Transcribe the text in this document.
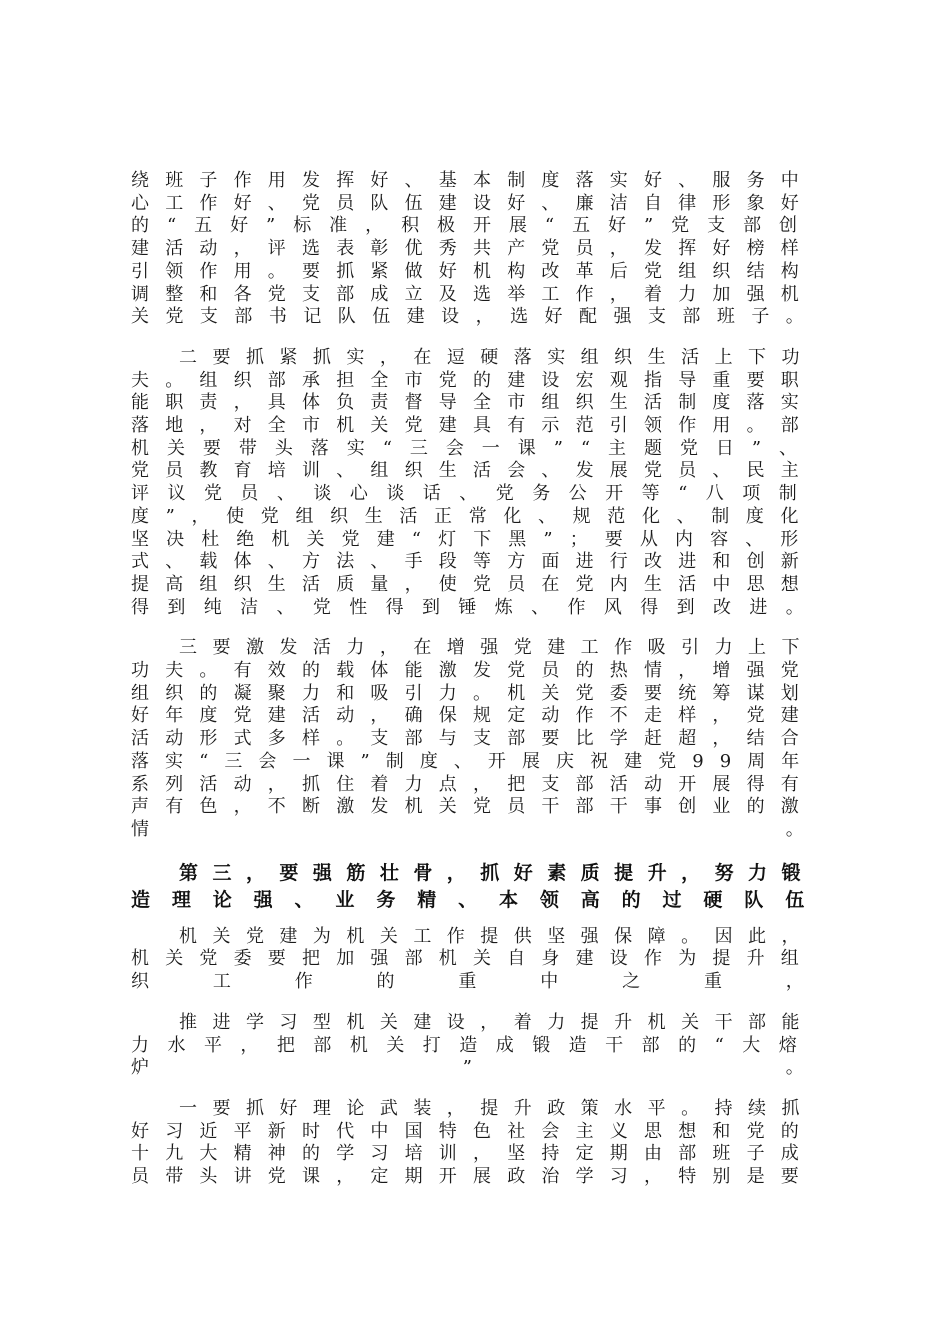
绕班子作用发挥好、基本制度落实好、服务中
心工作好、党员队伍建设好、廉洁自律形象好
的“五好”标准，积极开展“五好”党支部创
建活动，评选表彰优秀共产党员，发挥好榜样
引领作用。要抓紧做好机构改革后党组织结构
调整和各党支部成立及选举工作，着力加强机
关党支部书记队伍建设，选好配强支部班子。

二要抓紧抓实，在逗硬落实组织生活上下功
夫。组织部承担全市党的建设宏观指导重要职
能职责，具体负责督导全市组织生活制度落实
落地，对全市机关党建具有示范引领作用。部
机关要带头落实“三会一课”“主题党日”、
党员教育培训、组织生活会、发展党员、民主
评议党员、谈心谈话、党务公开等“八项制
度”，使党组织生活正常化、规范化、制度化
坚决杜绝机关党建“灯下黑”；要从内容、形
式、载体、方法、手段等方面进行改进和创新
提高组织生活质量，使党员在党内生活中思想
得到纯洁、党性得到锤炼、作风得到改进。

三要激发活力，在增强党建工作吸引力上下
功夫。有效的载体能激发党员的热情，增强党
组织的凝聚力和吸引力。机关党委要统筹谋划
好年度党建活动，确保规定动作不走样，党建
活动形式多样。支部与支部要比学赶超，结合
落实“三会一课”制度、开展庆祝建党99周年
系列活动，抓住着力点，把支部活动开展得有
声有色，不断激发机关党员干部干事创业的激
情。

第三，要强筋壮骨，抓好素质提升，努力锻
造理论强、业务精、本领高的过硬队伍

机关党建为机关工作提供坚强保障。因此，
机关党委要把加强部机关自身建设作为提升组
织工作的重中之重，

推进学习型机关建设，着力提升机关干部能
力水平，把部机关打造成锻造干部的“大熔
炉”。

一要抓好理论武装，提升政策水平。持续抓
好习近平新时代中国特色社会主义思想和党的
十九大精神的学习培训，坚持定期由部班子成
员带头讲党课，定期开展政治学习，特别是要
